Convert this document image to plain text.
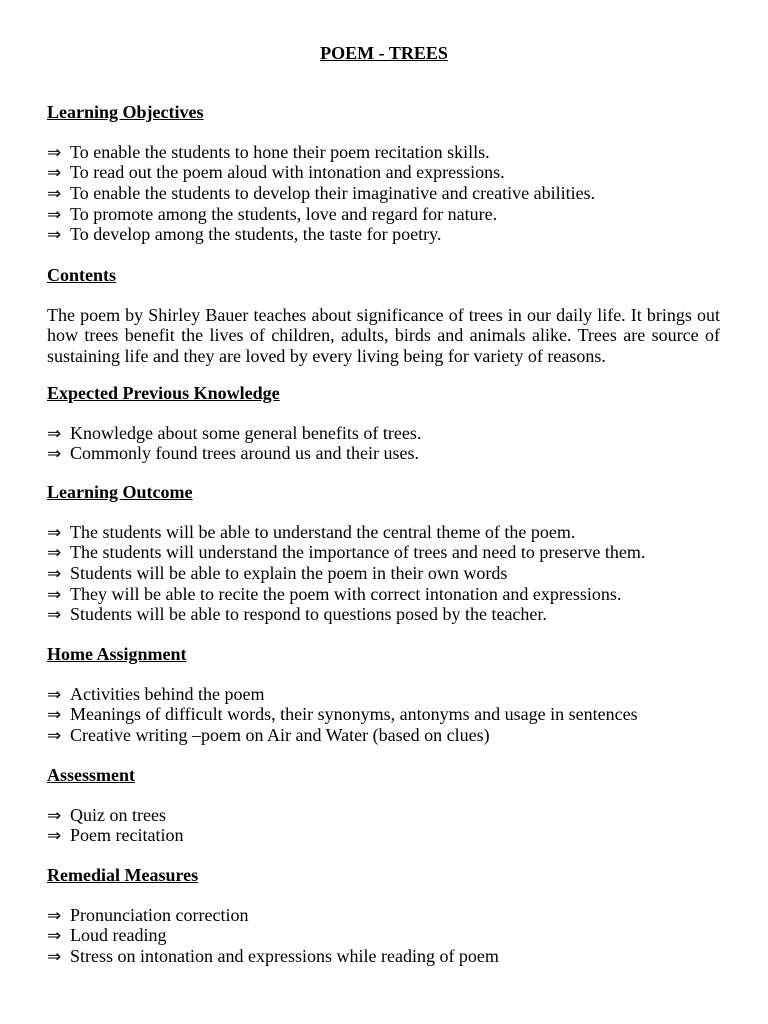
POEM - TREES
Learning Objectives
⇒ To enable the students to hone their poem recitation skills.
⇒ To read out the poem aloud with intonation and expressions.
⇒ To enable the students to develop their imaginative and creative abilities.
⇒ To promote among the students, love and regard for nature.
⇒ To develop among the students, the taste for poetry.
Contents

The poem by Shirley Bauer teaches about significance of trees in our daily life. It brings out
how trees benefit the lives of children, adults, birds and animals alike. Trees are source of
sustaining life and they are loved by every living being for variety of reasons.

Expected Previous Knowledge
⇒ Knowledge about some general benefits of trees.
⇒ Commonly found trees around us and their uses.
Learning Outcome
⇒ The students will be able to understand the central theme of the poem.
⇒ The students will understand the importance of trees and need to preserve them.
⇒ Students will be able to explain the poem in their own words
⇒ They will be able to recite the poem with correct intonation and expressions.
⇒ Students will be able to respond to questions posed by the teacher.
Home Assignment
⇒ Activities behind the poem
⇒ Meanings of difficult words, their synonyms, antonyms and usage in sentences
⇒ Creative writing –poem on Air and Water (based on clues)
Assessment
⇒ Quiz on trees
⇒ Poem recitation
Remedial Measures
⇒ Pronunciation correction
⇒ Loud reading
⇒ Stress on intonation and expressions while reading of poem
